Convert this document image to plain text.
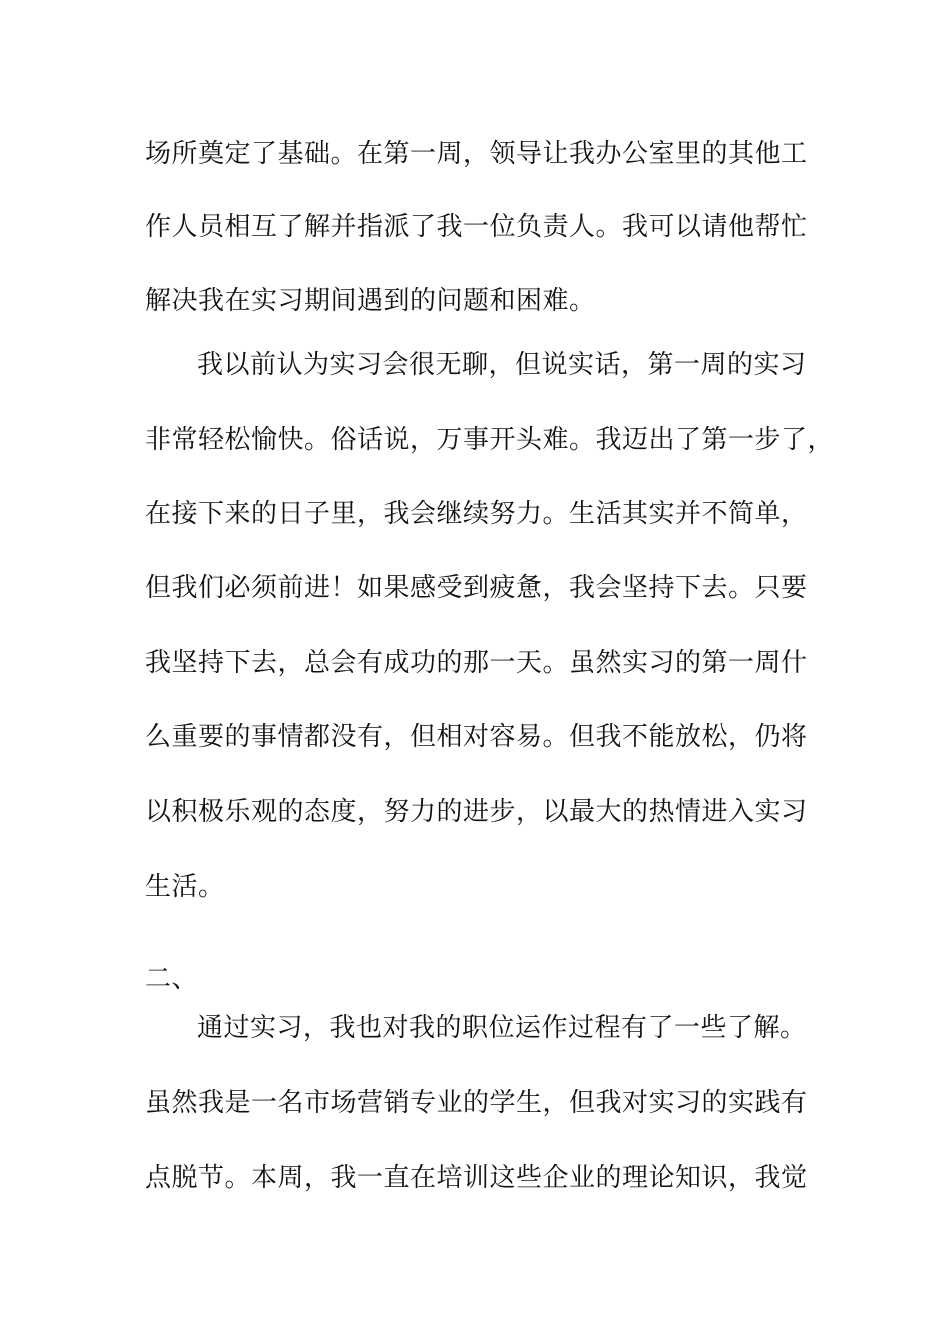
场所奠定了基础。在第一周，领导让我办公室里的其他工
作人员相互了解并指派了我一位负责人。我可以请他帮忙
解决我在实习期间遇到的问题和困难。
我以前认为实习会很无聊，但说实话，第一周的实习
非常轻松愉快。俗话说，万事开头难。我迈出了第一步了，
在接下来的日子里，我会继续努力。生活其实并不简单，
但我们必须前进！如果感受到疲惫，我会坚持下去。只要
我坚持下去，总会有成功的那一天。虽然实习的第一周什
么重要的事情都没有，但相对容易。但我不能放松，仍将
以积极乐观的态度，努力的进步，以最大的热情进入实习
生活。
二、
通过实习，我也对我的职位运作过程有了一些了解。
虽然我是一名市场营销专业的学生，但我对实习的实践有
点脱节。本周，我一直在培训这些企业的理论知识，我觉
